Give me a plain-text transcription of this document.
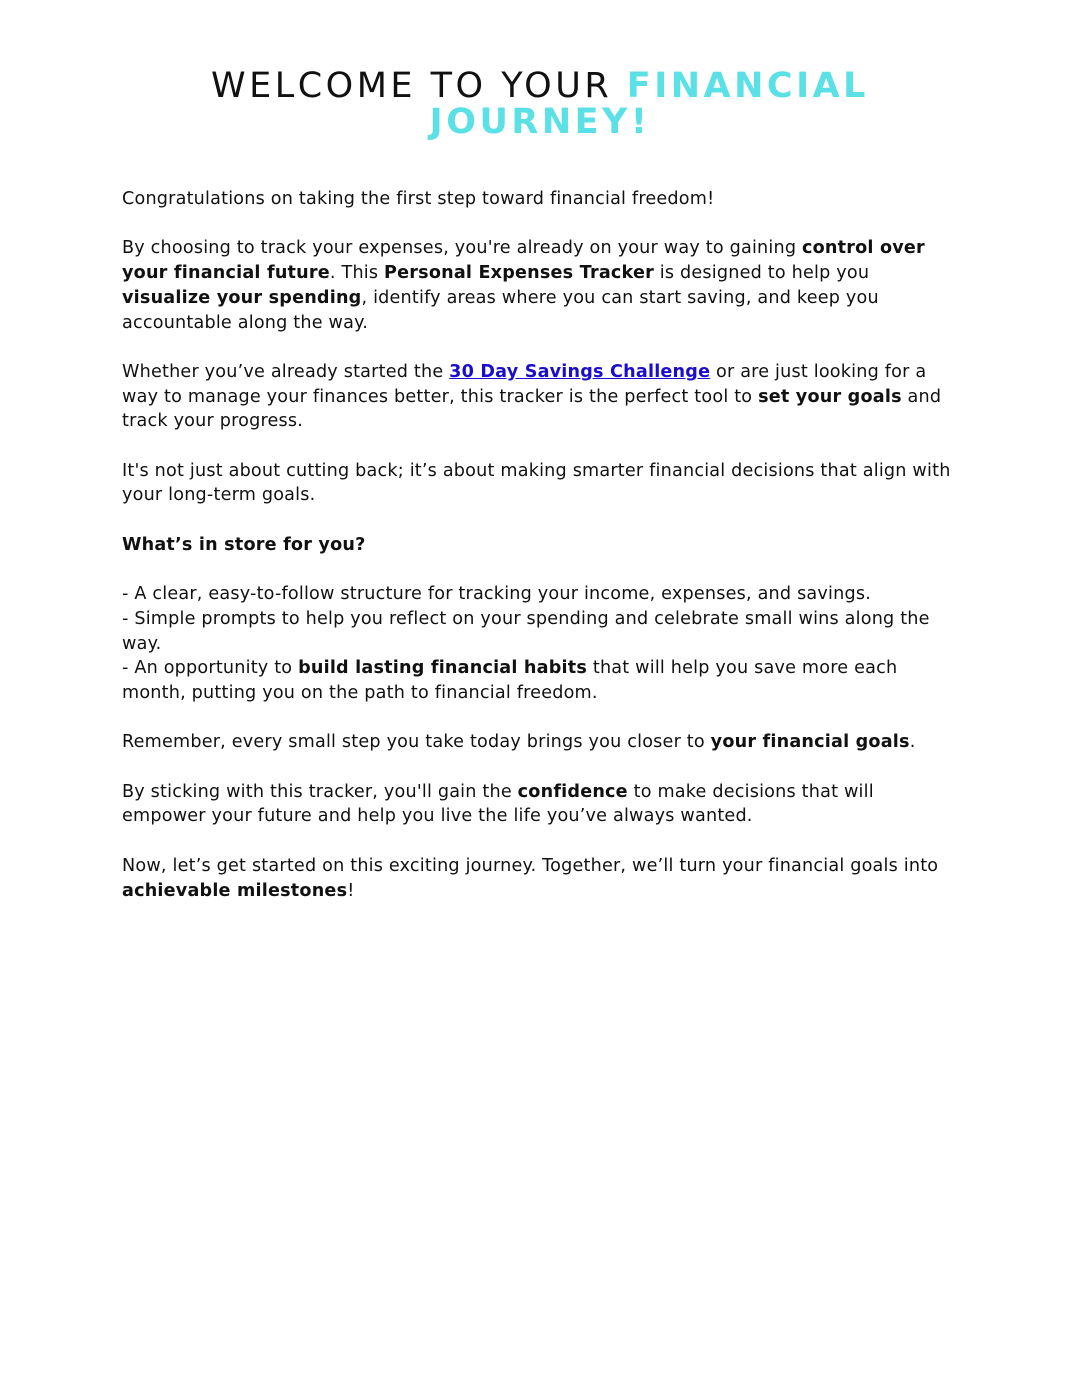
WELCOME TO YOUR FINANCIAL
JOURNEY!

Congratulations on taking the first step toward financial freedom!

By choosing to track your expenses, you're already on your way to gaining control over your financial future. This Personal Expenses Tracker is designed to help you visualize your spending, identify areas where you can start saving, and keep you accountable along the way.

Whether you’ve already started the 30 Day Savings Challenge or are just looking for a way to manage your finances better, this tracker is the perfect tool to set your goals and track your progress.

It's not just about cutting back; it’s about making smarter financial decisions that align with your long-term goals.

What’s in store for you?

- A clear, easy-to-follow structure for tracking your income, expenses, and savings.
- Simple prompts to help you reflect on your spending and celebrate small wins along the way.
- An opportunity to build lasting financial habits that will help you save more each month, putting you on the path to financial freedom.

Remember, every small step you take today brings you closer to your financial goals.

By sticking with this tracker, you'll gain the confidence to make decisions that will empower your future and help you live the life you’ve always wanted.

Now, let’s get started on this exciting journey. Together, we’ll turn your financial goals into achievable milestones!
